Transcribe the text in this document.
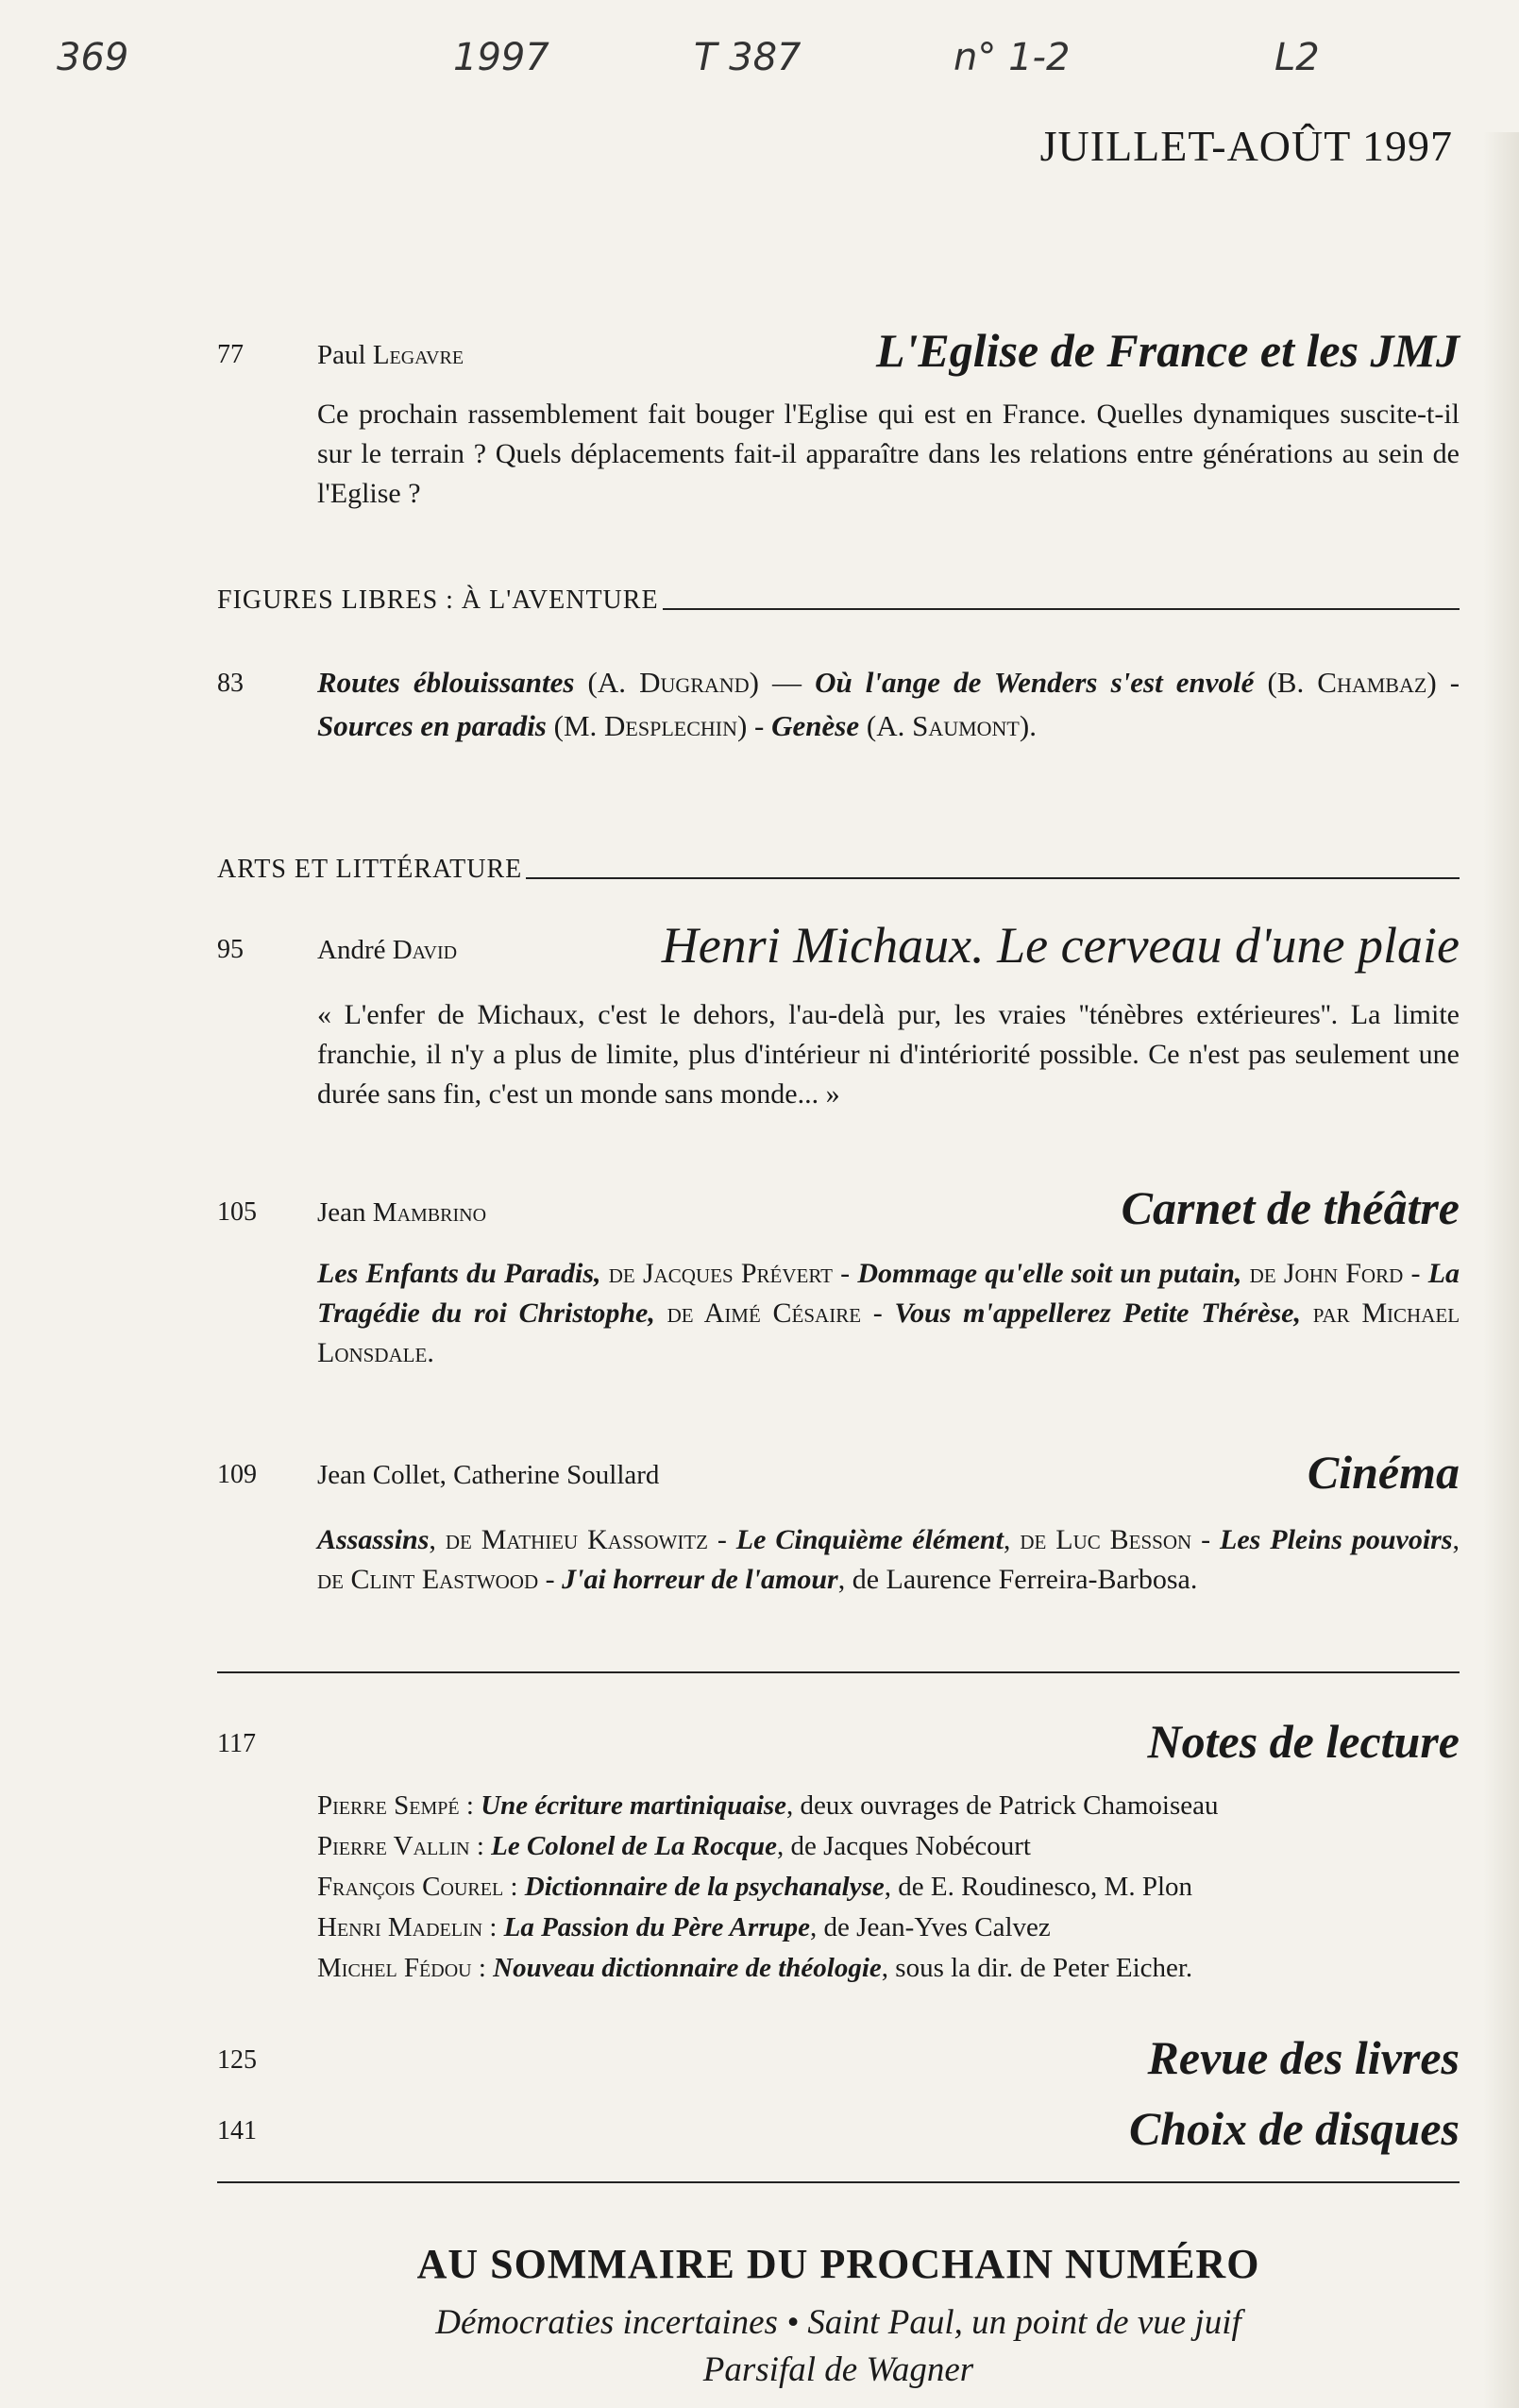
369	1997	T 387	n° 1-2	L2
JUILLET-AOÛT 1997
77	Paul Legavre	L'Eglise de France et les JMJ
Ce prochain rassemblement fait bouger l'Eglise qui est en France. Quelles dynamiques suscite-t-il sur le terrain ? Quels déplacements fait-il apparaître dans les relations entre générations au sein de l'Eglise ?
FIGURES LIBRES : À L'AVENTURE
83	Routes éblouissantes (A. Dugrand) — Où l'ange de Wenders s'est envolé (B. Chambaz) - Sources en paradis (M. Desplechin) - Genèse (A. Saumont).
ARTS ET LITTÉRATURE
95	André David	Henri Michaux. Le cerveau d'une plaie
« L'enfer de Michaux, c'est le dehors, l'au-delà pur, les vraies ''ténèbres extérieures''. La limite franchie, il n'y a plus de limite, plus d'intérieur ni d'intériorité possible. Ce n'est pas seulement une durée sans fin, c'est un monde sans monde... »
105 Jean Mambrino	Carnet de théâtre
Les Enfants du Paradis, de Jacques Prévert - Dommage qu'elle soit un putain, de John Ford - La Tragédie du roi Christophe, de Aimé Césaire - Vous m'appellerez Petite Thérèse, par Michael Lonsdale.
109 Jean Collet, Catherine Soullard	Cinéma
Assassins, de Mathieu Kassowitz - Le Cinquième élément, de Luc Besson - Les Pleins pouvoirs, de Clint Eastwood - J'ai horreur de l'amour, de Laurence Ferreira-Barbosa.
117	Notes de lecture
Pierre Sempé : Une écriture martiniquaise, deux ouvrages de Patrick Chamoiseau
Pierre Vallin : Le Colonel de La Rocque, de Jacques Nobécourt
François Courel : Dictionnaire de la psychanalyse, de E. Roudinesco, M. Plon
Henri Madelin : La Passion du Père Arrupe, de Jean-Yves Calvez
Michel Fédou : Nouveau dictionnaire de théologie, sous la dir. de Peter Eicher.
125	Revue des livres
141	Choix de disques
AU SOMMAIRE DU PROCHAIN NUMÉRO

Démocraties incertaines • Saint Paul, un point de vue juif

Parsifal de Wagner
